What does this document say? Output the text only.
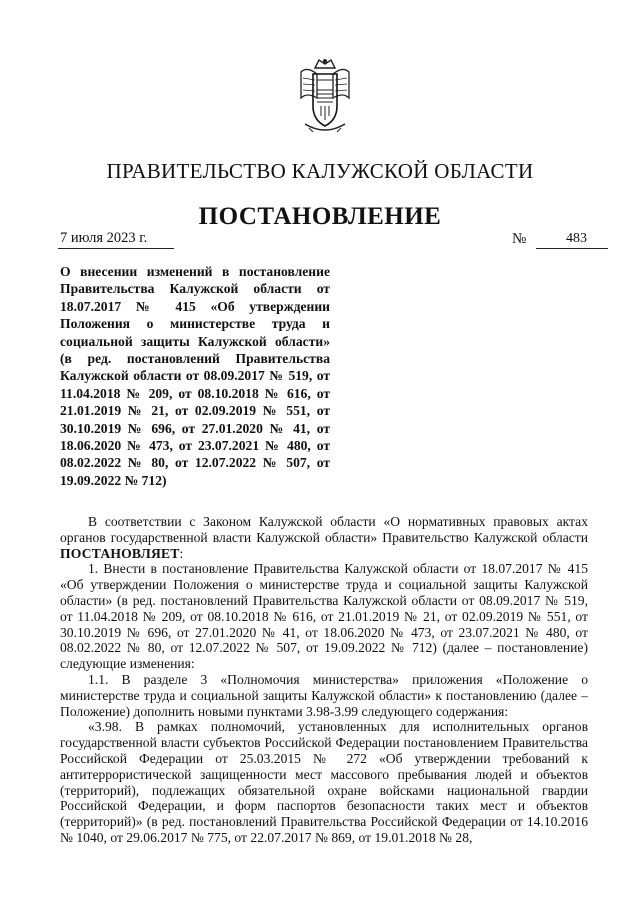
ПРАВИТЕЛЬСТВО КАЛУЖСКОЙ ОБЛАСТИ
ПОСТАНОВЛЕНИЕ
7 июля 2023 г.	№	483
О внесении изменений в постановление Правительства Калужской области от 18.07.2017 № 415 «Об утверждении Положения о министерстве труда и социальной защиты Калужской области» (в ред. постановлений Правительства Калужской области от 08.09.2017 № 519, от 11.04.2018 № 209, от 08.10.2018 № 616, от 21.01.2019 № 21, от 02.09.2019 № 551, от 30.10.2019 № 696, от 27.01.2020 № 41, от 18.06.2020 № 473, от 23.07.2021 № 480, от 08.02.2022 № 80, от 12.07.2022 № 507, от 19.09.2022 № 712)

В соответствии с Законом Калужской области «О нормативных правовых актах органов государственной власти Калужской области» Правительство Калужской области ПОСТАНОВЛЯЕТ:

1. Внести в постановление Правительства Калужской области от 18.07.2017 № 415 «Об утверждении Положения о министерстве труда и социальной защиты Калужской области» (в ред. постановлений Правительства Калужской области от 08.09.2017 № 519, от 11.04.2018 № 209, от 08.10.2018 № 616, от 21.01.2019 № 21, от 02.09.2019 № 551, от 30.10.2019 № 696, от 27.01.2020 № 41, от 18.06.2020 № 473, от 23.07.2021 № 480, от 08.02.2022 № 80, от 12.07.2022 № 507, от 19.09.2022 № 712) (далее – постановление) следующие изменения:

1.1. В разделе 3 «Полномочия министерства» приложения «Положение о министерстве труда и социальной защиты Калужской области» к постановлению (далее – Положение) дополнить новыми пунктами 3.98-3.99 следующего содержания:

«3.98. В рамках полномочий, установленных для исполнительных органов государственной власти субъектов Российской Федерации постановлением Правительства Российской Федерации от 25.03.2015 № 272 «Об утверждении требований к антитеррористической защищенности мест массового пребывания людей и объектов (территорий), подлежащих обязательной охране войсками национальной гвардии Российской Федерации, и форм паспортов безопасности таких мест и объектов (территорий)» (в ред. постановлений Правительства Российской Федерации от 14.10.2016 № 1040, от 29.06.2017 № 775, от 22.07.2017 № 869, от 19.01.2018 № 28,
